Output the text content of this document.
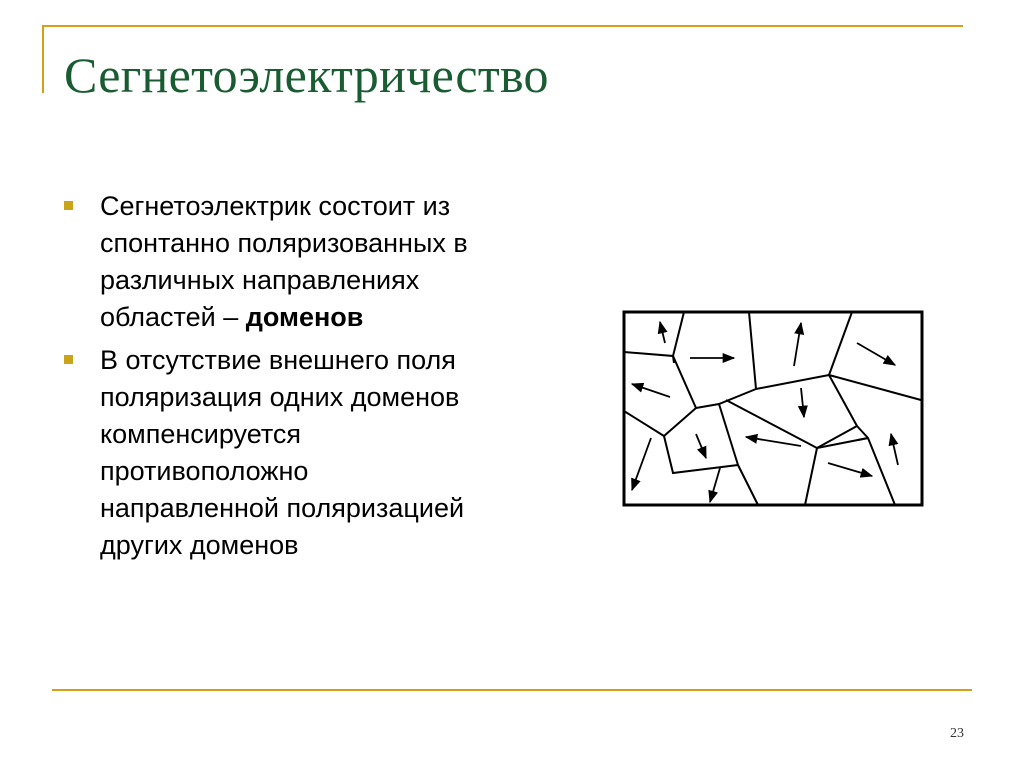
Сегнетоэлектричество
Сегнетоэлектрик состоит из спонтанно поляризованных в различных направлениях областей – доменов
В отсутствие внешнего поля поляризация одних доменов компенсируется противоположно направленной поляризацией других доменов
23
